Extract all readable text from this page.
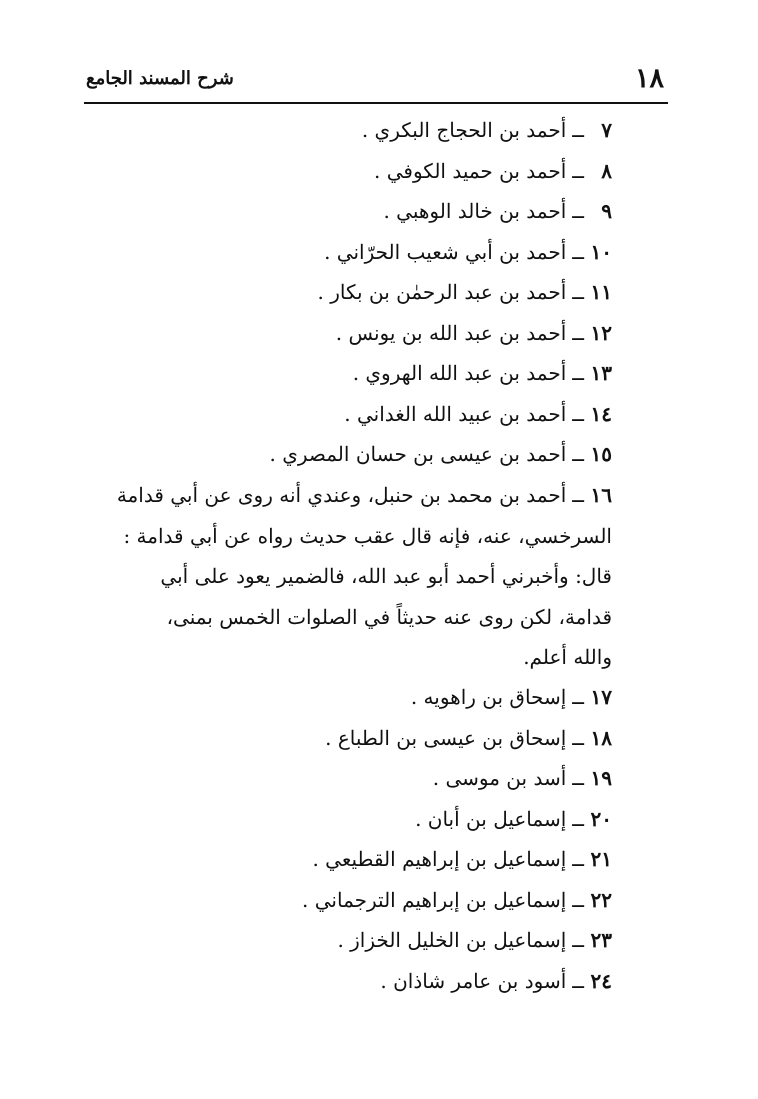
١٨
شرح المسند الجامع
٧ــأحمد بن الحجاج البكري .
٨ــأحمد بن حميد الكوفي .
٩ــأحمد بن خالد الوهبي .
١٠ــأحمد بن أبي شعيب الحرّاني .
١١ــأحمد بن عبد الرحمٰن بن بكار .
١٢ــأحمد بن عبد الله بن يونس .
١٣ــأحمد بن عبد الله الهروي .
١٤ــأحمد بن عبيد الله الغداني .
١٥ــأحمد بن عيسى بن حسان المصري .
١٦
ــ
أحمد بن محمد بن حنبل، وعندي أنه روى عن أبي قدامة
السرخسي، عنه، فإنه قال عقب حديث رواه عن أبي قدامة :
قال: وأخبرني أحمد أبو عبد الله، فالضمير يعود على أبي
قدامة، لكن روى عنه حديثاً في الصلوات الخمس بمنى،
والله أعلم.
١٧ــإسحاق بن راهويه .
١٨ــإسحاق بن عيسى بن الطباع .
١٩ــأسد بن موسى .
٢٠ــإسماعيل بن أبان .
٢١ــإسماعيل بن إبراهيم القطيعي .
٢٢ــإسماعيل بن إبراهيم الترجماني .
٢٣ــإسماعيل بن الخليل الخزاز .
٢٤ــأسود بن عامر شاذان .
